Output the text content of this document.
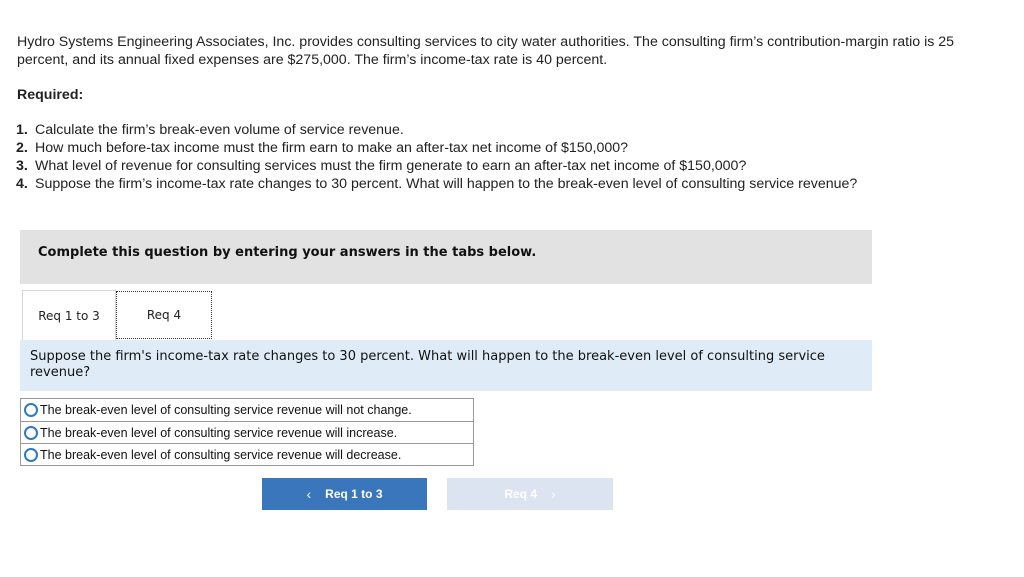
Hydro Systems Engineering Associates, Inc. provides consulting services to city water authorities. The consulting firm’s contribution-margin ratio is 25 percent, and its annual fixed expenses are $275,000. The firm’s income-tax rate is 40 percent.
Required:
1. Calculate the firm’s break-even volume of service revenue.
2. How much before-tax income must the firm earn to make an after-tax net income of $150,000?
3. What level of revenue for consulting services must the firm generate to earn an after-tax net income of $150,000?
4. Suppose the firm’s income-tax rate changes to 30 percent. What will happen to the break-even level of consulting service revenue?
Complete this question by entering your answers in the tabs below.
Req 1 to 3	Req 4
Suppose the firm's income-tax rate changes to 30 percent. What will happen to the break-even level of consulting service revenue?
The break-even level of consulting service revenue will not change.
The break-even level of consulting service revenue will increase.
The break-even level of consulting service revenue will decrease.
‹ Req 1 to 3	Req 4 ›
